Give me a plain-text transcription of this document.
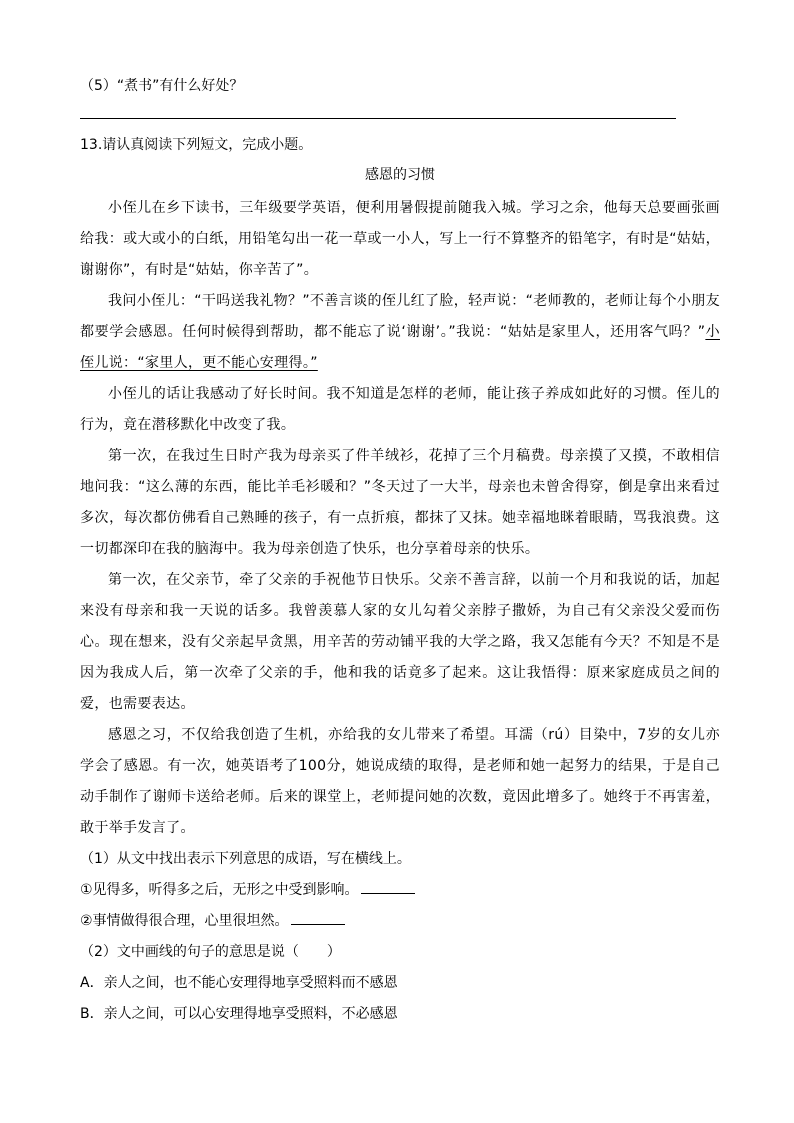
（5）“煮书”有什么好处？
13.请认真阅读下列短文，完成小题。
感恩的习惯

小侄儿在乡下读书，三年级要学英语，便利用暑假提前随我入城。学习之余，他每天总要画张画给我：或大或小的白纸，用铅笔勾出一花一草或一小人，写上一行不算整齐的铅笔字，有时是“姑姑，谢谢你”，有时是“姑姑，你辛苦了”。

我问小侄儿：“干吗送我礼物？”不善言谈的侄儿红了脸，轻声说：“老师教的，老师让每个小朋友都要学会感恩。任何时候得到帮助，都不能忘了说‘谢谢’。”我说：“姑姑是家里人，还用客气吗？”小侄儿说：“家里人，更不能心安理得。”

小侄儿的话让我感动了好长时间。我不知道是怎样的老师，能让孩子养成如此好的习惯。侄儿的行为，竟在潜移默化中改变了我。

第一次，在我过生日时产我为母亲买了件羊绒衫，花掉了三个月稿费。母亲摸了又摸，不敢相信地问我：“这么薄的东西，能比羊毛衫暖和？”冬天过了一大半，母亲也未曾舍得穿，倒是拿出来看过多次，每次都仿佛看自己熟睡的孩子，有一点折痕，都抹了又抹。她幸福地眯着眼睛，骂我浪费。这一切都深印在我的脑海中。我为母亲创造了快乐，也分享着母亲的快乐。

第一次，在父亲节，牵了父亲的手祝他节日快乐。父亲不善言辞，以前一个月和我说的话，加起来没有母亲和我一天说的话多。我曾羡慕人家的女儿勾着父亲脖子撒娇，为自己有父亲没父爱而伤心。现在想来，没有父亲起早贪黑，用辛苦的劳动铺平我的大学之路，我又怎能有今天？不知是不是因为我成人后，第一次牵了父亲的手，他和我的话竟多了起来。这让我悟得：原来家庭成员之间的爱，也需要表达。

感恩之习，不仅给我创造了生机，亦给我的女儿带来了希望。耳濡（rú）目染中，7岁的女儿亦学会了感恩。有一次，她英语考了100分，她说成绩的取得，是老师和她一起努力的结果，于是自己动手制作了谢师卡送给老师。后来的课堂上，老师提问她的次数，竟因此增多了。她终于不再害羞，敢于举手发言了。

（1）从文中找出表示下列意思的成语，写在横线上。
①见得多，听得多之后，无形之中受到影响。
②事情做得很合理，心里很坦然。
（2）文中画线的句子的意思是说（　　）
A．亲人之间，也不能心安理得地享受照料而不感恩
B．亲人之间，可以心安理得地享受照料，不必感恩
